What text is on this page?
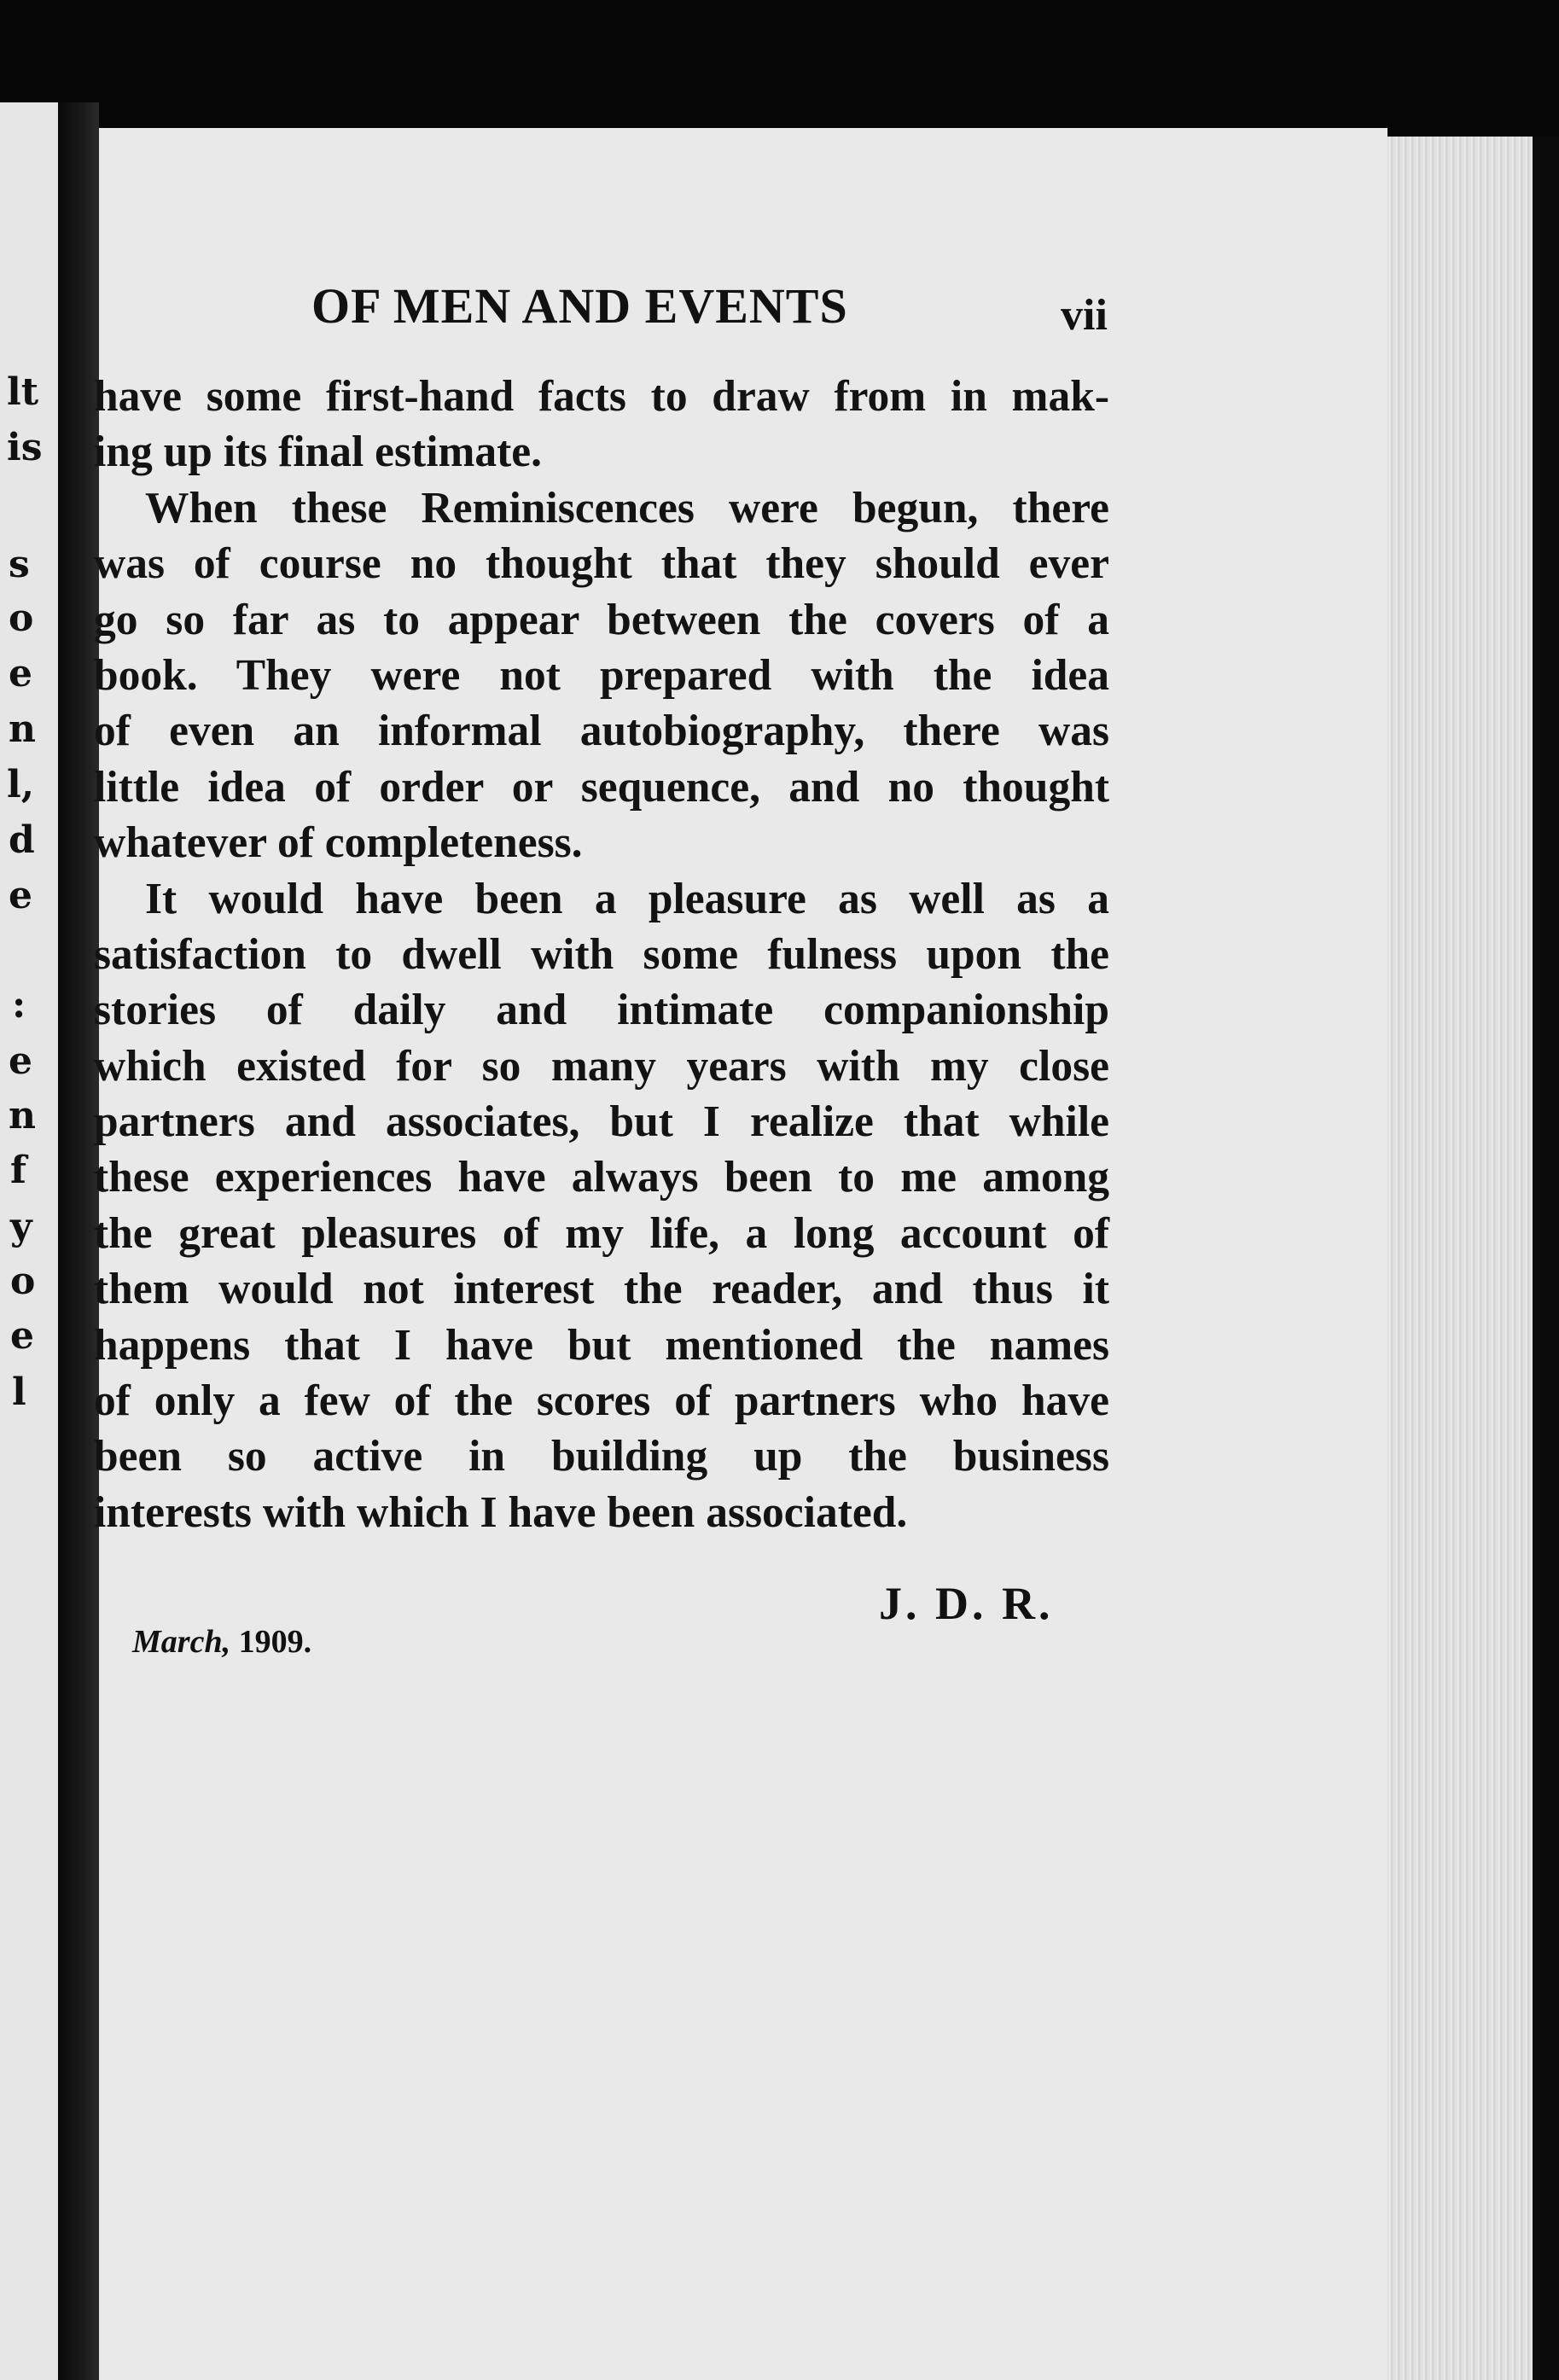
lt
is
s
o
e
n
l,
d
e
:
e
n
f
y
o
e
l
OF MEN AND EVENTS	vii
have some first-hand facts to draw from in mak-
ing up its final estimate.
When these Reminiscences were begun, there
was of course no thought that they should ever
go so far as to appear between the covers of a
book. They were not prepared with the idea
of even an informal autobiography, there was
little idea of order or sequence, and no thought
whatever of completeness.
It would have been a pleasure as well as a
satisfaction to dwell with some fulness upon the
stories of daily and intimate companionship
which existed for so many years with my close
partners and associates, but I realize that while
these experiences have always been to me among
the great pleasures of my life, a long account of
them would not interest the reader, and thus it
happens that I have but mentioned the names
of only a few of the scores of partners who have
been so active in building up the business
interests with which I have been associated.
J. D. R.
March, 1909.
